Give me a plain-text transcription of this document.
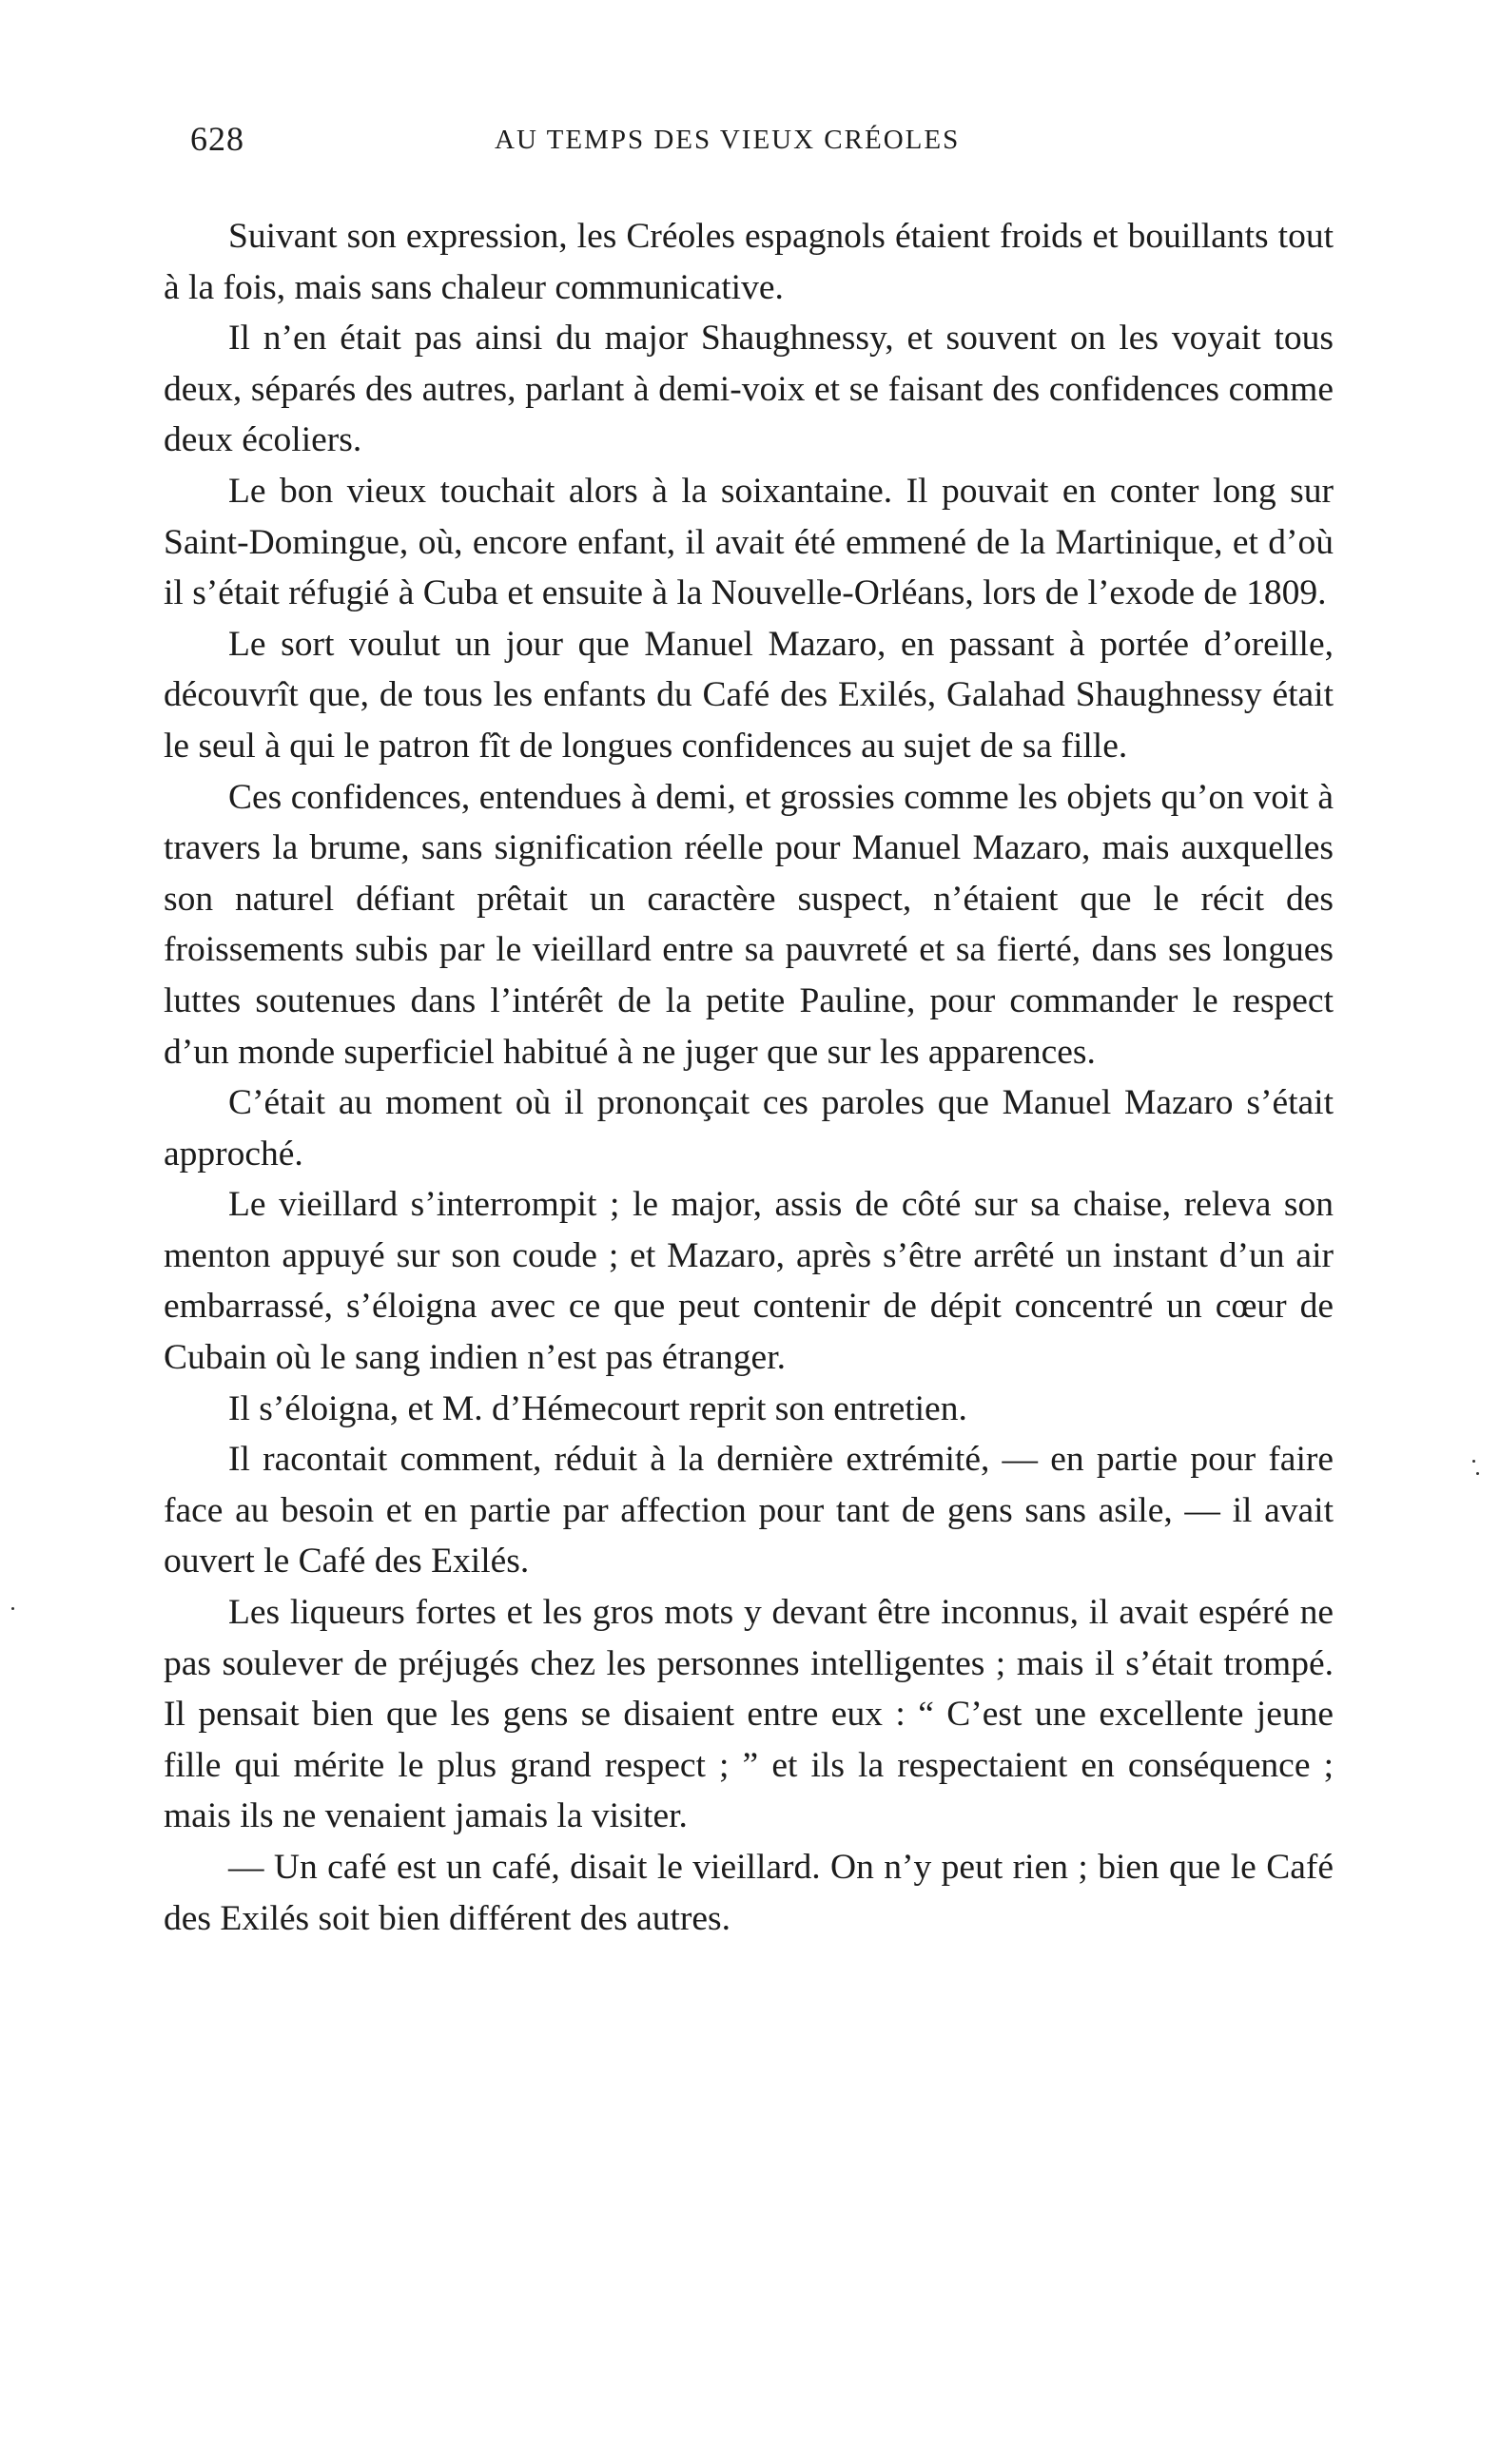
628	AU TEMPS DES VIEUX CRÉOLES

Suivant son expression, les Créoles espagnols étaient froids et bouillants tout à la fois, mais sans chaleur communicative.

Il n’en était pas ainsi du major Shaughnessy, et souvent on les voyait tous deux, séparés des autres, parlant à demi-voix et se faisant des confidences comme deux écoliers.

Le bon vieux touchait alors à la soixantaine. Il pouvait en conter long sur Saint-Domingue, où, encore enfant, il avait été emmené de la Martinique, et d’où il s’était réfugié à Cuba et ensuite à la Nouvelle-Orléans, lors de l’exode de 1809.

Le sort voulut un jour que Manuel Mazaro, en passant à portée d’oreille, découvrît que, de tous les enfants du Café des Exilés, Galahad Shaughnessy était le seul à qui le patron fît de longues confidences au sujet de sa fille.

Ces confidences, entendues à demi, et grossies comme les objets qu’on voit à travers la brume, sans signification réelle pour Manuel Mazaro, mais auxquelles son naturel défiant prêtait un caractère suspect, n’étaient que le récit des froissements subis par le vieillard entre sa pauvreté et sa fierté, dans ses longues luttes soutenues dans l’intérêt de la petite Pauline, pour commander le respect d’un monde superficiel habitué à ne juger que sur les apparences.

C’était au moment où il prononçait ces paroles que Manuel Mazaro s’était approché.

Le vieillard s’interrompit ; le major, assis de côté sur sa chaise, releva son menton appuyé sur son coude ; et Mazaro, après s’être arrêté un instant d’un air embarrassé, s’éloigna avec ce que peut contenir de dépit concentré un cœur de Cubain où le sang indien n’est pas étranger.

Il s’éloigna, et M. d’Hémecourt reprit son entretien.

Il racontait comment, réduit à la dernière extrémité, — en partie pour faire face au besoin et en partie par affection pour tant de gens sans asile, — il avait ouvert le Café des Exilés.

Les liqueurs fortes et les gros mots y devant être inconnus, il avait espéré ne pas soulever de préjugés chez les personnes intelligentes ; mais il s’était trompé. Il pensait bien que les gens se disaient entre eux : “ C’est une excellente jeune fille qui mérite le plus grand respect ; ” et ils la respectaient en conséquence ; mais ils ne venaient jamais la visiter.

— Un café est un café, disait le vieillard. On n’y peut rien ; bien que le Café des Exilés soit bien différent des autres.
